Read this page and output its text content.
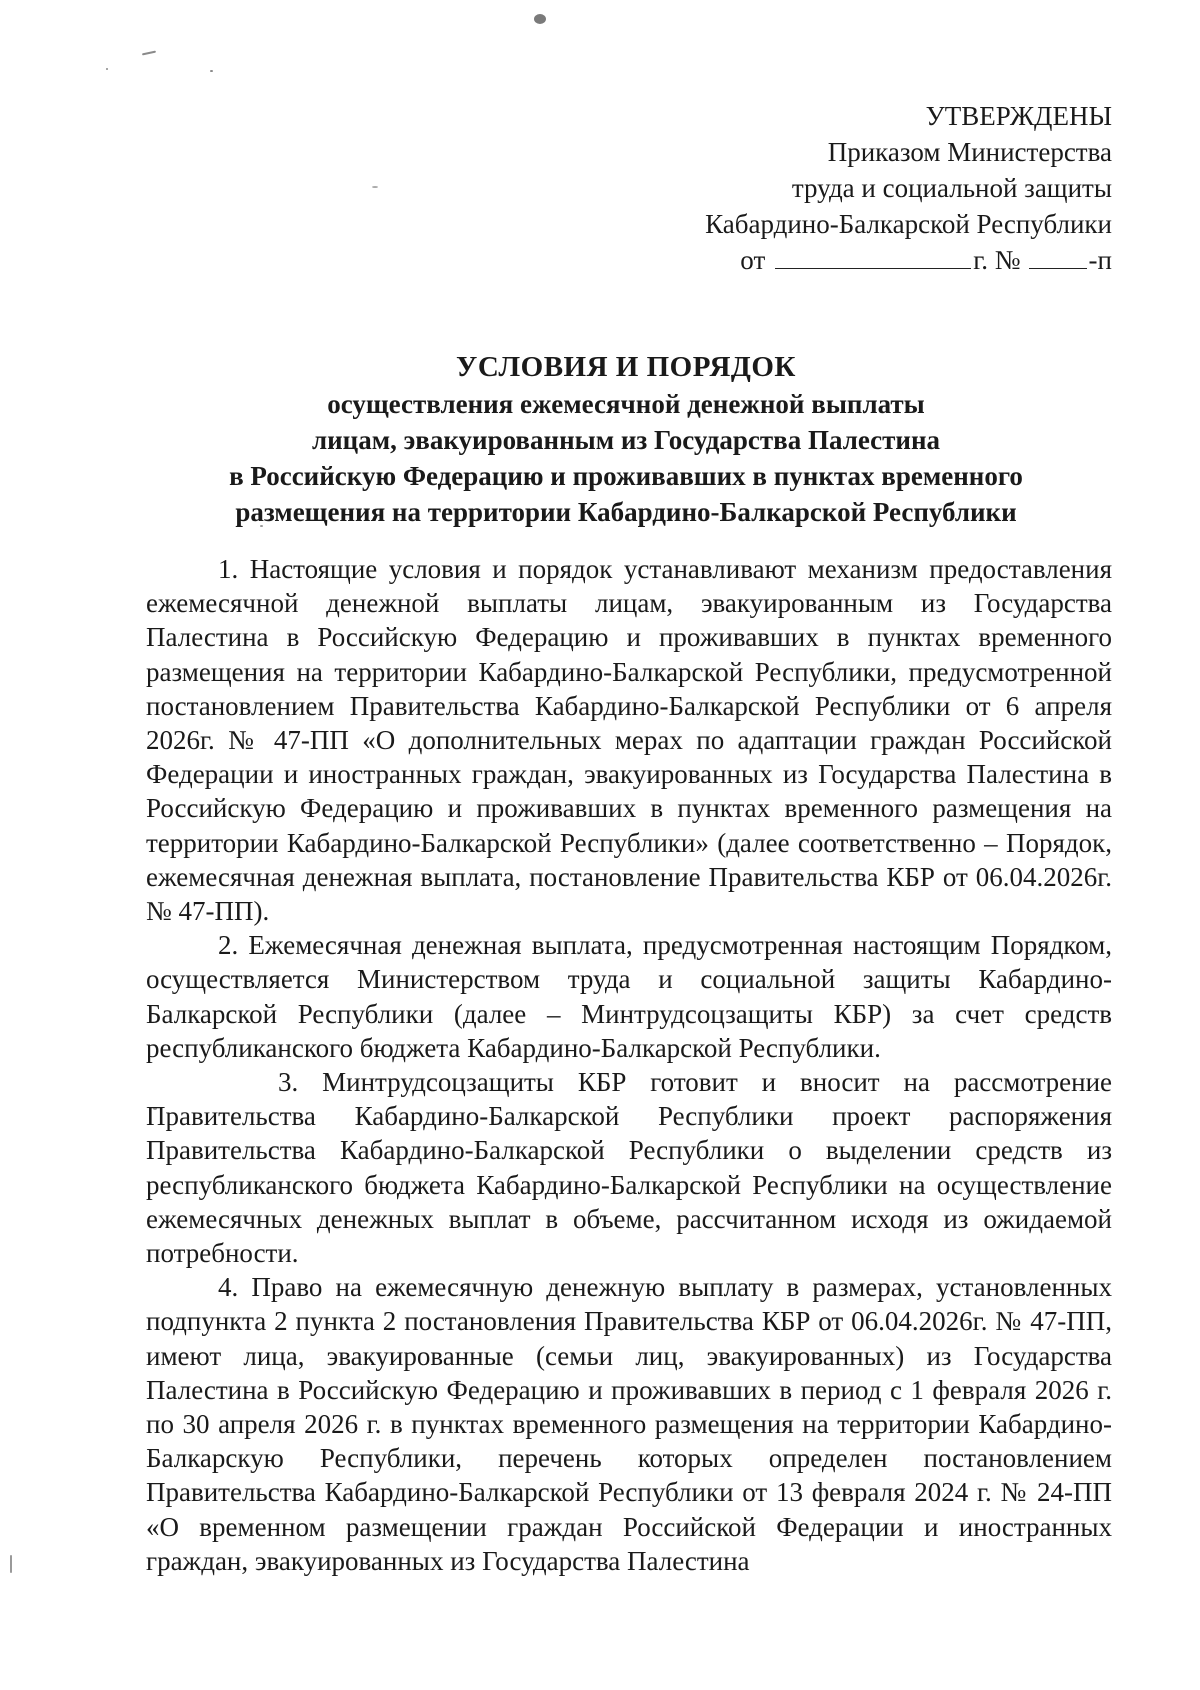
УТВЕРЖДЕНЫ
Приказом Министерства
труда и социальной защиты
Кабардино-Балкарской Республики
от	г. №	-п
УСЛОВИЯ И ПОРЯДОК
осуществления ежемесячной денежной выплаты
лицам, эвакуированным из Государства Палестина
в Российскую Федерацию и проживавших в пунктах временного
размещения на территории Кабардино-Балкарской Республики

1. Настоящие условия и порядок устанавливают механизм предоставления ежемесячной денежной выплаты лицам, эвакуированным из Государства Палестина в Российскую Федерацию и проживавших в пунктах временного размещения на территории Кабардино-Балкарской Республики, предусмотренной постановлением Правительства Кабардино-Балкарской Республики от 6 апреля 2026г. № 47-ПП «О дополнительных мерах по адаптации граждан Российской Федерации и иностранных граждан, эвакуированных из Государства Палестина в Российскую Федерацию и проживавших в пунктах временного размещения на территории Кабардино-Балкарской Республики» (далее соответственно – Порядок, ежемесячная денежная выплата, постановление Правительства КБР от 06.04.2026г. № 47-ПП).

2. Ежемесячная денежная выплата, предусмотренная настоящим Порядком, осуществляется Министерством труда и социальной защиты Кабардино-Балкарской Республики (далее – Минтрудсоцзащиты КБР) за счет средств республиканского бюджета Кабардино-Балкарской Республики.

3. Минтрудсоцзащиты КБР готовит и вносит на рассмотрение Правительства Кабардино-Балкарской Республики проект распоряжения Правительства Кабардино-Балкарской Республики о выделении средств из республиканского бюджета Кабардино-Балкарской Республики на осуществление ежемесячных денежных выплат в объеме, рассчитанном исходя из ожидаемой потребности.

4. Право на ежемесячную денежную выплату в размерах, установленных подпункта 2 пункта 2 постановления Правительства КБР от 06.04.2026г. № 47-ПП, имеют лица, эвакуированные (семьи лиц, эвакуированных) из Государства Палестина в Российскую Федерацию и проживавших в период с 1 февраля 2026 г. по 30 апреля 2026 г. в пунктах временного размещения на территории Кабардино-Балкарскую Республики, перечень которых определен постановлением Правительства Кабардино-Балкарской Республики от 13 февраля 2024 г. № 24-ПП «О временном размещении граждан Российской Федерации и иностранных граждан, эвакуированных из Государства Палестина
